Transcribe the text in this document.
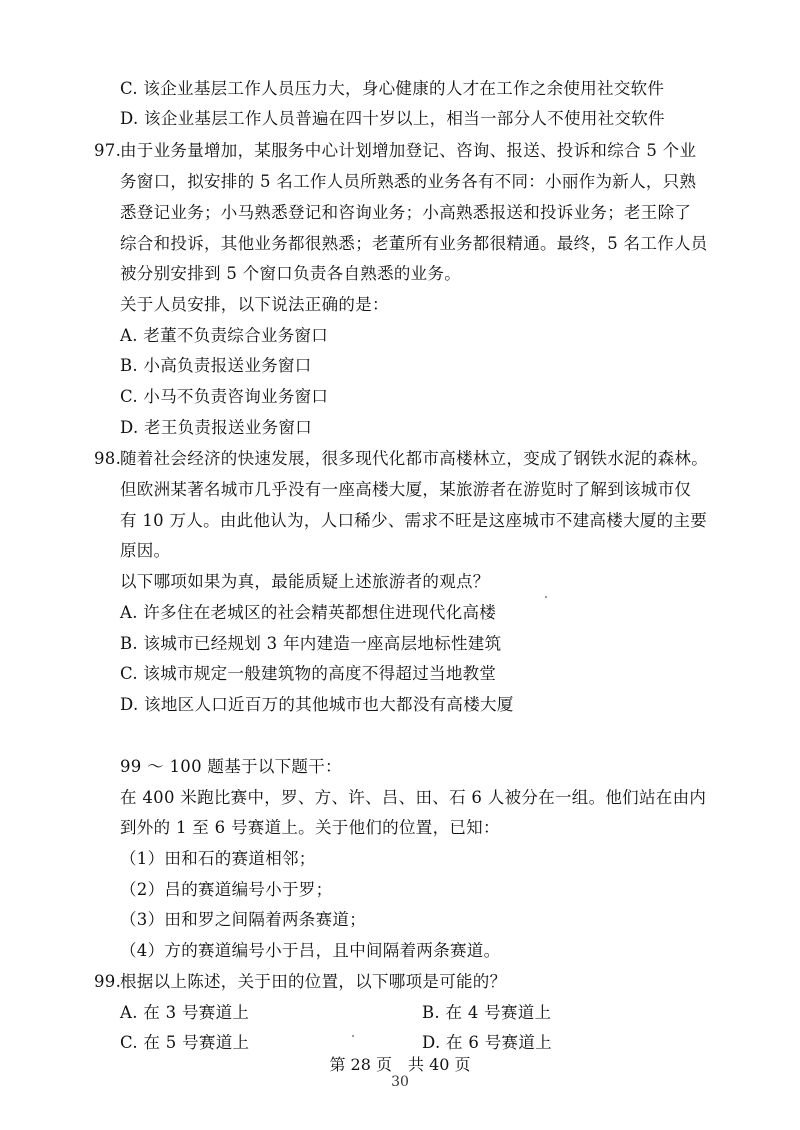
C. 该企业基层工作人员压力大，身心健康的人才在工作之余使用社交软件
D. 该企业基层工作人员普遍在四十岁以上，相当一部分人不使用社交软件
97.
由于业务量增加，某服务中心计划增加登记、咨询、报送、投诉和综合 5 个业
务窗口，拟安排的 5 名工作人员所熟悉的业务各有不同：小丽作为新人，只熟
悉登记业务；小马熟悉登记和咨询业务；小高熟悉报送和投诉业务；老王除了
综合和投诉，其他业务都很熟悉；老董所有业务都很精通。最终，5 名工作人员
被分别安排到 5 个窗口负责各自熟悉的业务。
关于人员安排，以下说法正确的是：
A. 老董不负责综合业务窗口
B. 小高负责报送业务窗口
C. 小马不负责咨询业务窗口
D. 老王负责报送业务窗口
98.
随着社会经济的快速发展，很多现代化都市高楼林立，变成了钢铁水泥的森林。
但欧洲某著名城市几乎没有一座高楼大厦，某旅游者在游览时了解到该城市仅
有 10 万人。由此他认为，人口稀少、需求不旺是这座城市不建高楼大厦的主要
原因。
以下哪项如果为真，最能质疑上述旅游者的观点？
A. 许多住在老城区的社会精英都想住进现代化高楼
B. 该城市已经规划 3 年内建造一座高层地标性建筑
C. 该城市规定一般建筑物的高度不得超过当地教堂
D. 该地区人口近百万的其他城市也大都没有高楼大厦
99 ～ 100 题基于以下题干：
在 400 米跑比赛中，罗、方、许、吕、田、石 6 人被分在一组。他们站在由内
到外的 1 至 6 号赛道上。关于他们的位置，已知：
（1）田和石的赛道相邻；
（2）吕的赛道编号小于罗；
（3）田和罗之间隔着两条赛道；
（4）方的赛道编号小于吕，且中间隔着两条赛道。
99.
根据以上陈述，关于田的位置，以下哪项是可能的？
A. 在 3 号赛道上	B. 在 4 号赛道上
C. 在 5 号赛道上	D. 在 6 号赛道上
第 28 页　共 40 页
30
